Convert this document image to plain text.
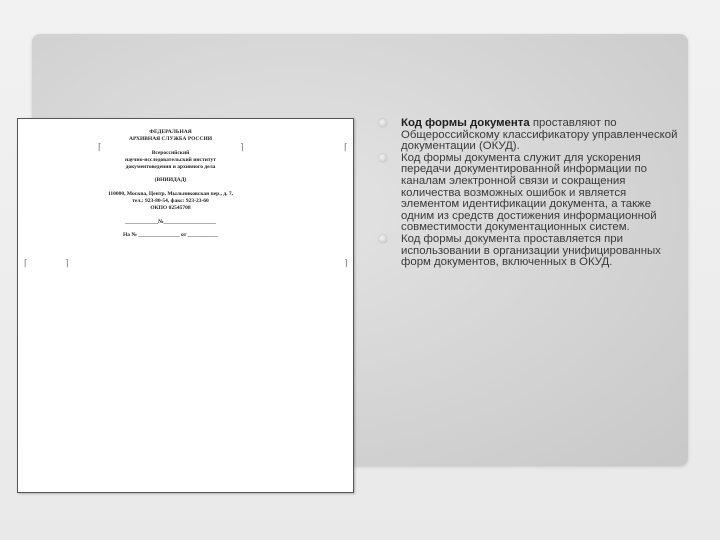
ФЕДЕРАЛЬНАЯ
АРХИВНАЯ СЛУЖБА РОССИИ
Всероссийский
научно-исследовательский институт
документоведения и архивного дела
(ВНИИДАД)
110000, Москва, Центр, Мыльниковская пер., д. 7,
тел.: 923-80-54, факс: 923-23-60
ОКПО 02545708
____________№___________________
На № _______________ от ___________
⌈	⌉	⌈
⌈	⌉	⌉
Код формы документа проставляют по Общероссийскому классификатору управленческой документации (ОКУД).
Код формы документа служит для ускорения передачи документированной информации по каналам электронной связи и сокращения количества возможных ошибок и является элементом идентификации документа, а также одним из средств достижения информационной совместимости документационных систем.
Код формы документа проставляется при использовании в организации унифицированных форм документов, включенных в ОКУД.
